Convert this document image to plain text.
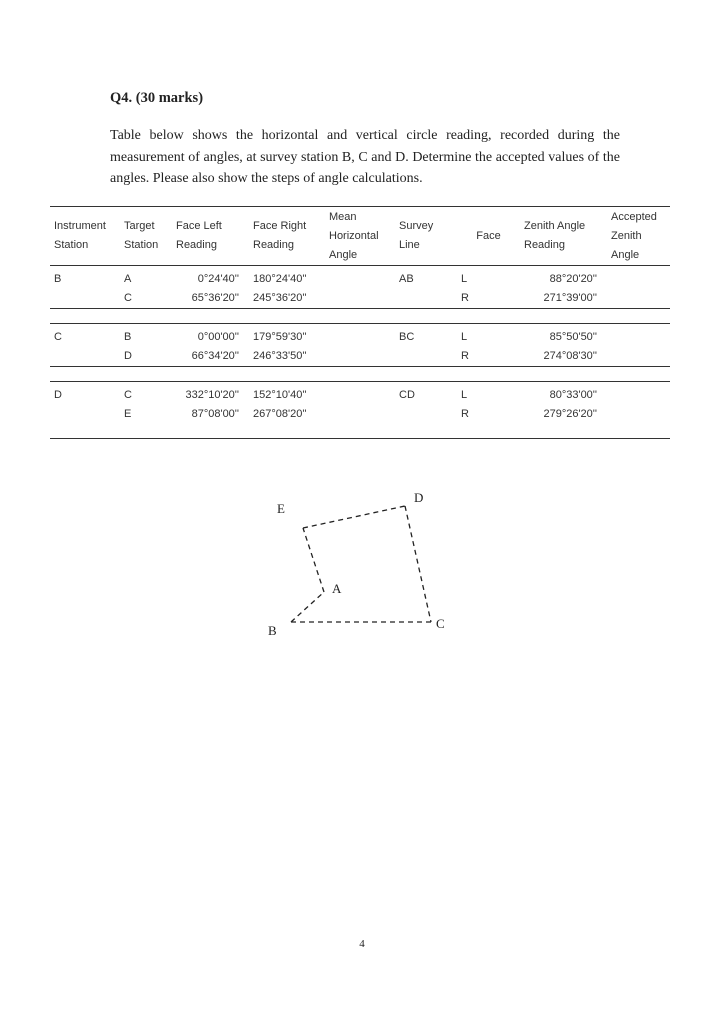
Q4. (30 marks)
Table below shows the horizontal and vertical circle reading, recorded during the measurement of angles, at survey station B, C and D. Determine the accepted values of the angles. Please also show the steps of angle calculations.
Instrument Station	Target Station	Face Left Reading	Face Right Reading	Mean Horizontal Angle	Survey Line	Face	Zenith Angle Reading	Accepted Zenith Angle
B	A	0°24'40''	180°24'40''		AB	L	88°20'20''	
	C	65°36'20''	245°36'20''			R	271°39'00''	

C	B	0°00'00''	179°59'30''		BC	L	85°50'50''	
	D	66°34'20''	246°33'50''			R	274°08'30''	

D	C	332°10'20''	152°10'40''		CD	L	80°33'00''	
	E	87°08'00''	267°08'20''			R	279°26'20''	

A
B	C
D
E
4
